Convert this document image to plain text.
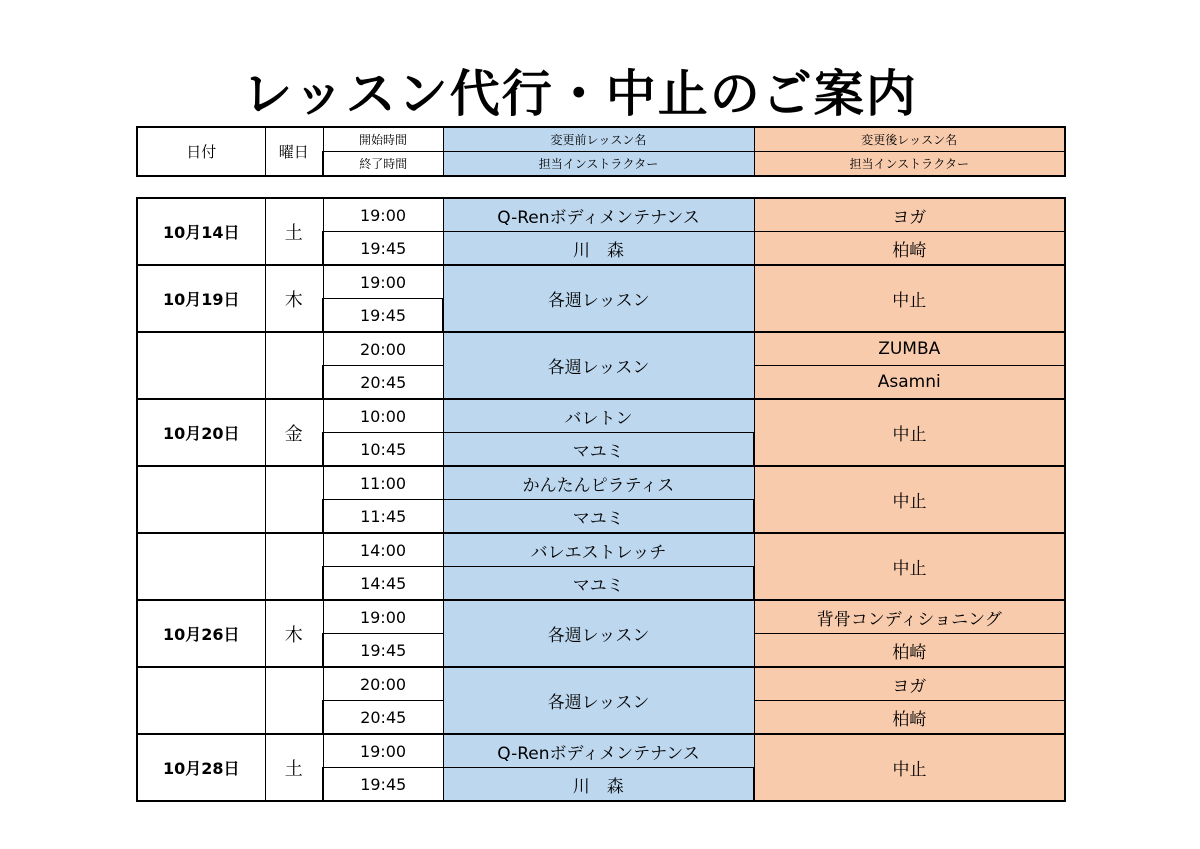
レッスン代行・中止のご案内
日付	曜日	開始時間	変更前レッスン名	変更後レッスン名
		終了時間	担当インストラクター	担当インストラクター
10月14日	土	19:00	Q-Renボディメンテナンス	ヨガ
		19:45	川　森	柏崎
10月19日	木	19:00	各週レッスン	中止
		19:45		
		20:00	各週レッスン	ZUMBA
		20:45		Asamni
10月20日	金	10:00	バレトン	中止
		10:45	マユミ	
		11:00	かんたんピラティス	中止
		11:45	マユミ	
		14:00	バレエストレッチ	中止
		14:45	マユミ	
10月26日	木	19:00	各週レッスン	背骨コンディショニング
		19:45		柏崎
		20:00	各週レッスン	ヨガ
		20:45		柏崎
10月28日	土	19:00	Q-Renボディメンテナンス	中止
		19:45	川　森	
